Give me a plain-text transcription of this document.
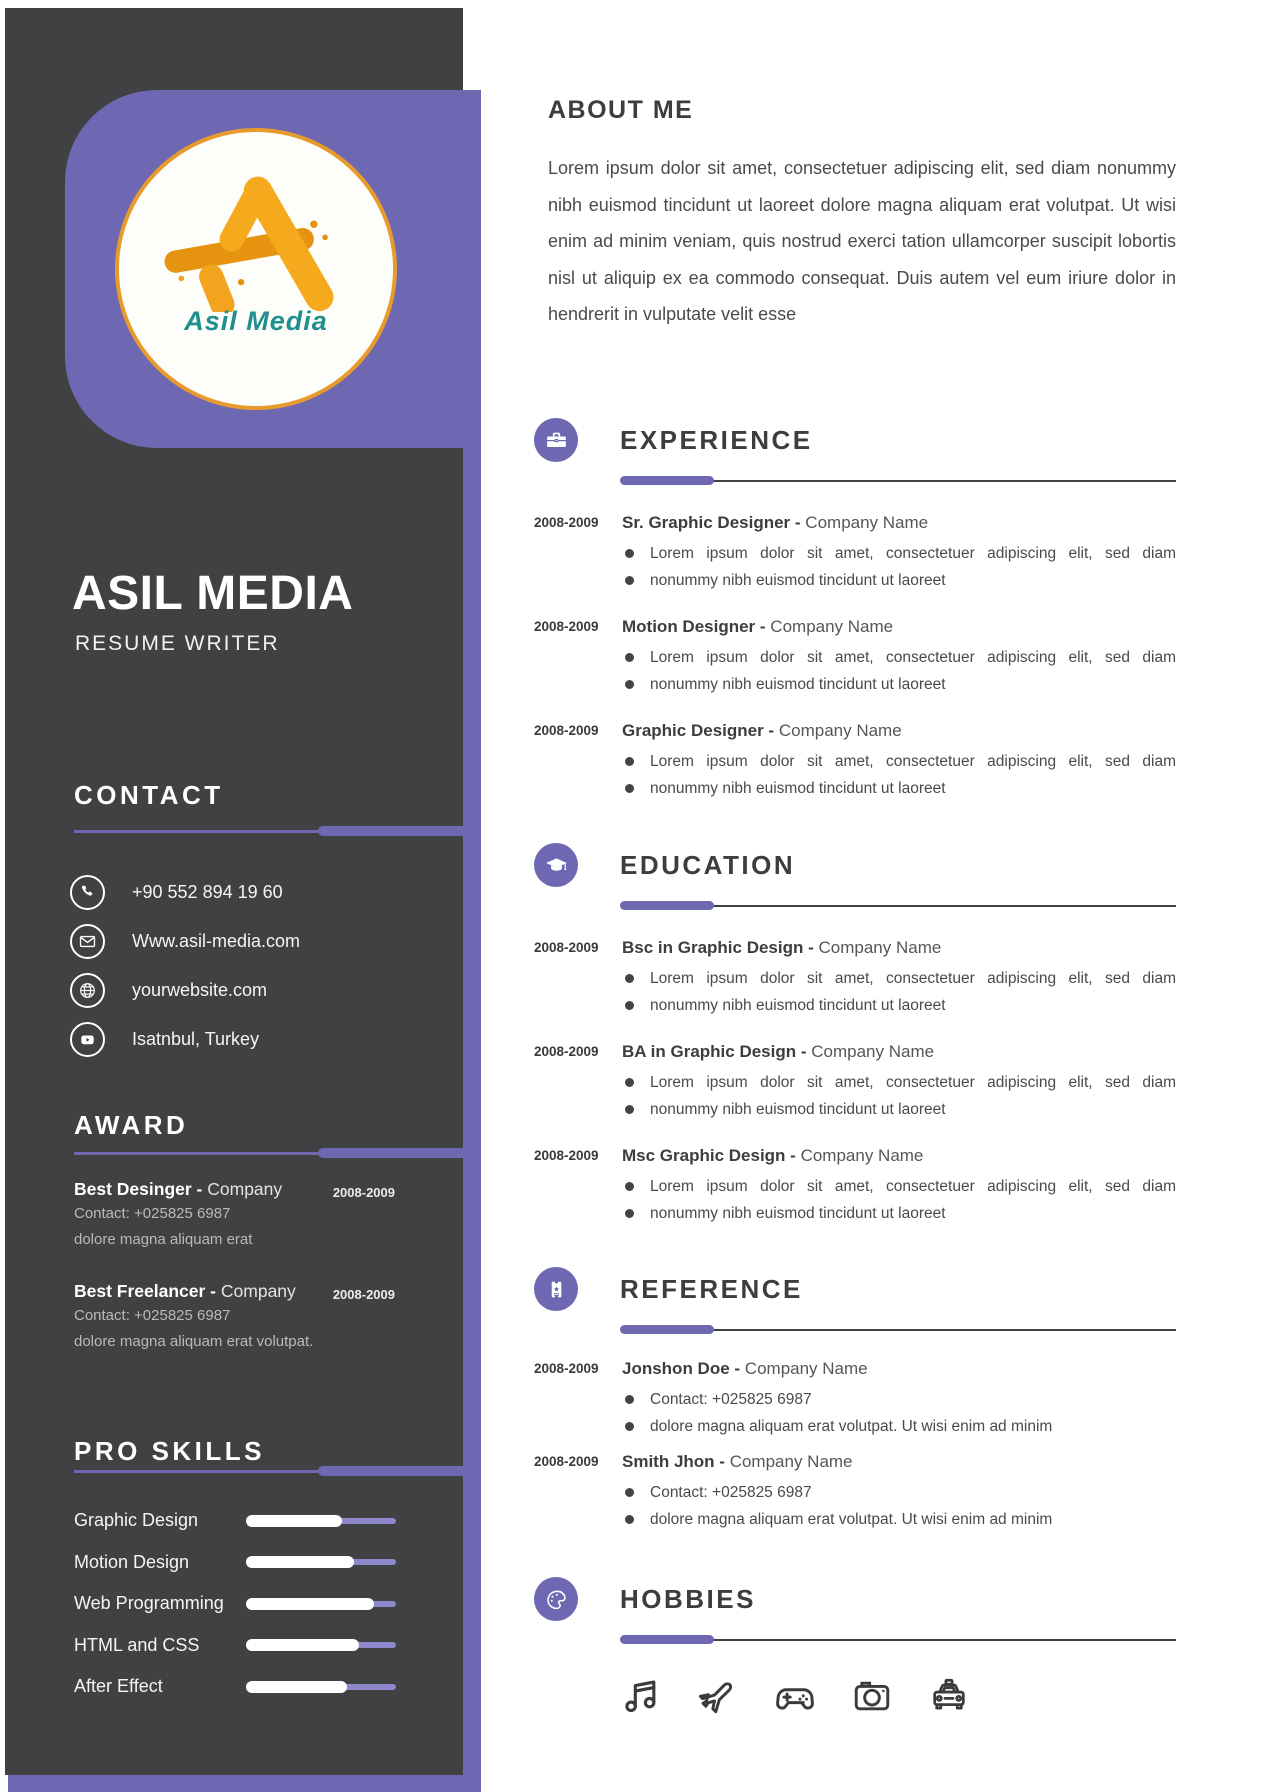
Asil Media
ASIL MEDIA
RESUME WRITER
CONTACT
+90 552 894 19 60
Www.asil-media.com
yourwebsite.com
Isatnbul, Turkey
AWARD
Best Desinger - Company	2008-2009
Contact: +025825 6987
dolore magna aliquam erat
Best Freelancer - Company	2008-2009
Contact: +025825 6987
dolore magna aliquam erat volutpat.
PRO SKILLS
Graphic Design
Motion Design
Web Programming
HTML and CSS
After Effect
ABOUT ME
Lorem ipsum dolor sit amet, consectetuer adipiscing elit, sed diam nonummy nibh euismod tincidunt ut laoreet dolore magna aliquam erat volutpat. Ut wisi enim ad minim veniam, quis nostrud exerci tation ullamcorper suscipit lobortis nisl ut aliquip ex ea commodo consequat. Duis autem vel eum iriure dolor in hendrerit in vulputate velit esse
EXPERIENCE
2008-2009	Sr. Graphic Designer - Company Name
Lorem ipsum dolor sit amet, consectetuer adipiscing elit, sed diam
nonummy nibh euismod tincidunt ut laoreet
2008-2009	Motion Designer - Company Name
Lorem ipsum dolor sit amet, consectetuer adipiscing elit, sed diam
nonummy nibh euismod tincidunt ut laoreet
2008-2009	Graphic Designer - Company Name
Lorem ipsum dolor sit amet, consectetuer adipiscing elit, sed diam
nonummy nibh euismod tincidunt ut laoreet
EDUCATION
2008-2009	Bsc in Graphic Design - Company Name
Lorem ipsum dolor sit amet, consectetuer adipiscing elit, sed diam
nonummy nibh euismod tincidunt ut laoreet
2008-2009	BA in Graphic Design - Company Name
Lorem ipsum dolor sit amet, consectetuer adipiscing elit, sed diam
nonummy nibh euismod tincidunt ut laoreet
2008-2009	Msc Graphic Design - Company Name
Lorem ipsum dolor sit amet, consectetuer adipiscing elit, sed diam
nonummy nibh euismod tincidunt ut laoreet
REFERENCE
2008-2009	Jonshon Doe - Company Name
Contact: +025825 6987
dolore magna aliquam erat volutpat. Ut wisi enim ad minim
2008-2009	Smith Jhon - Company Name
Contact: +025825 6987
dolore magna aliquam erat volutpat. Ut wisi enim ad minim
HOBBIES
